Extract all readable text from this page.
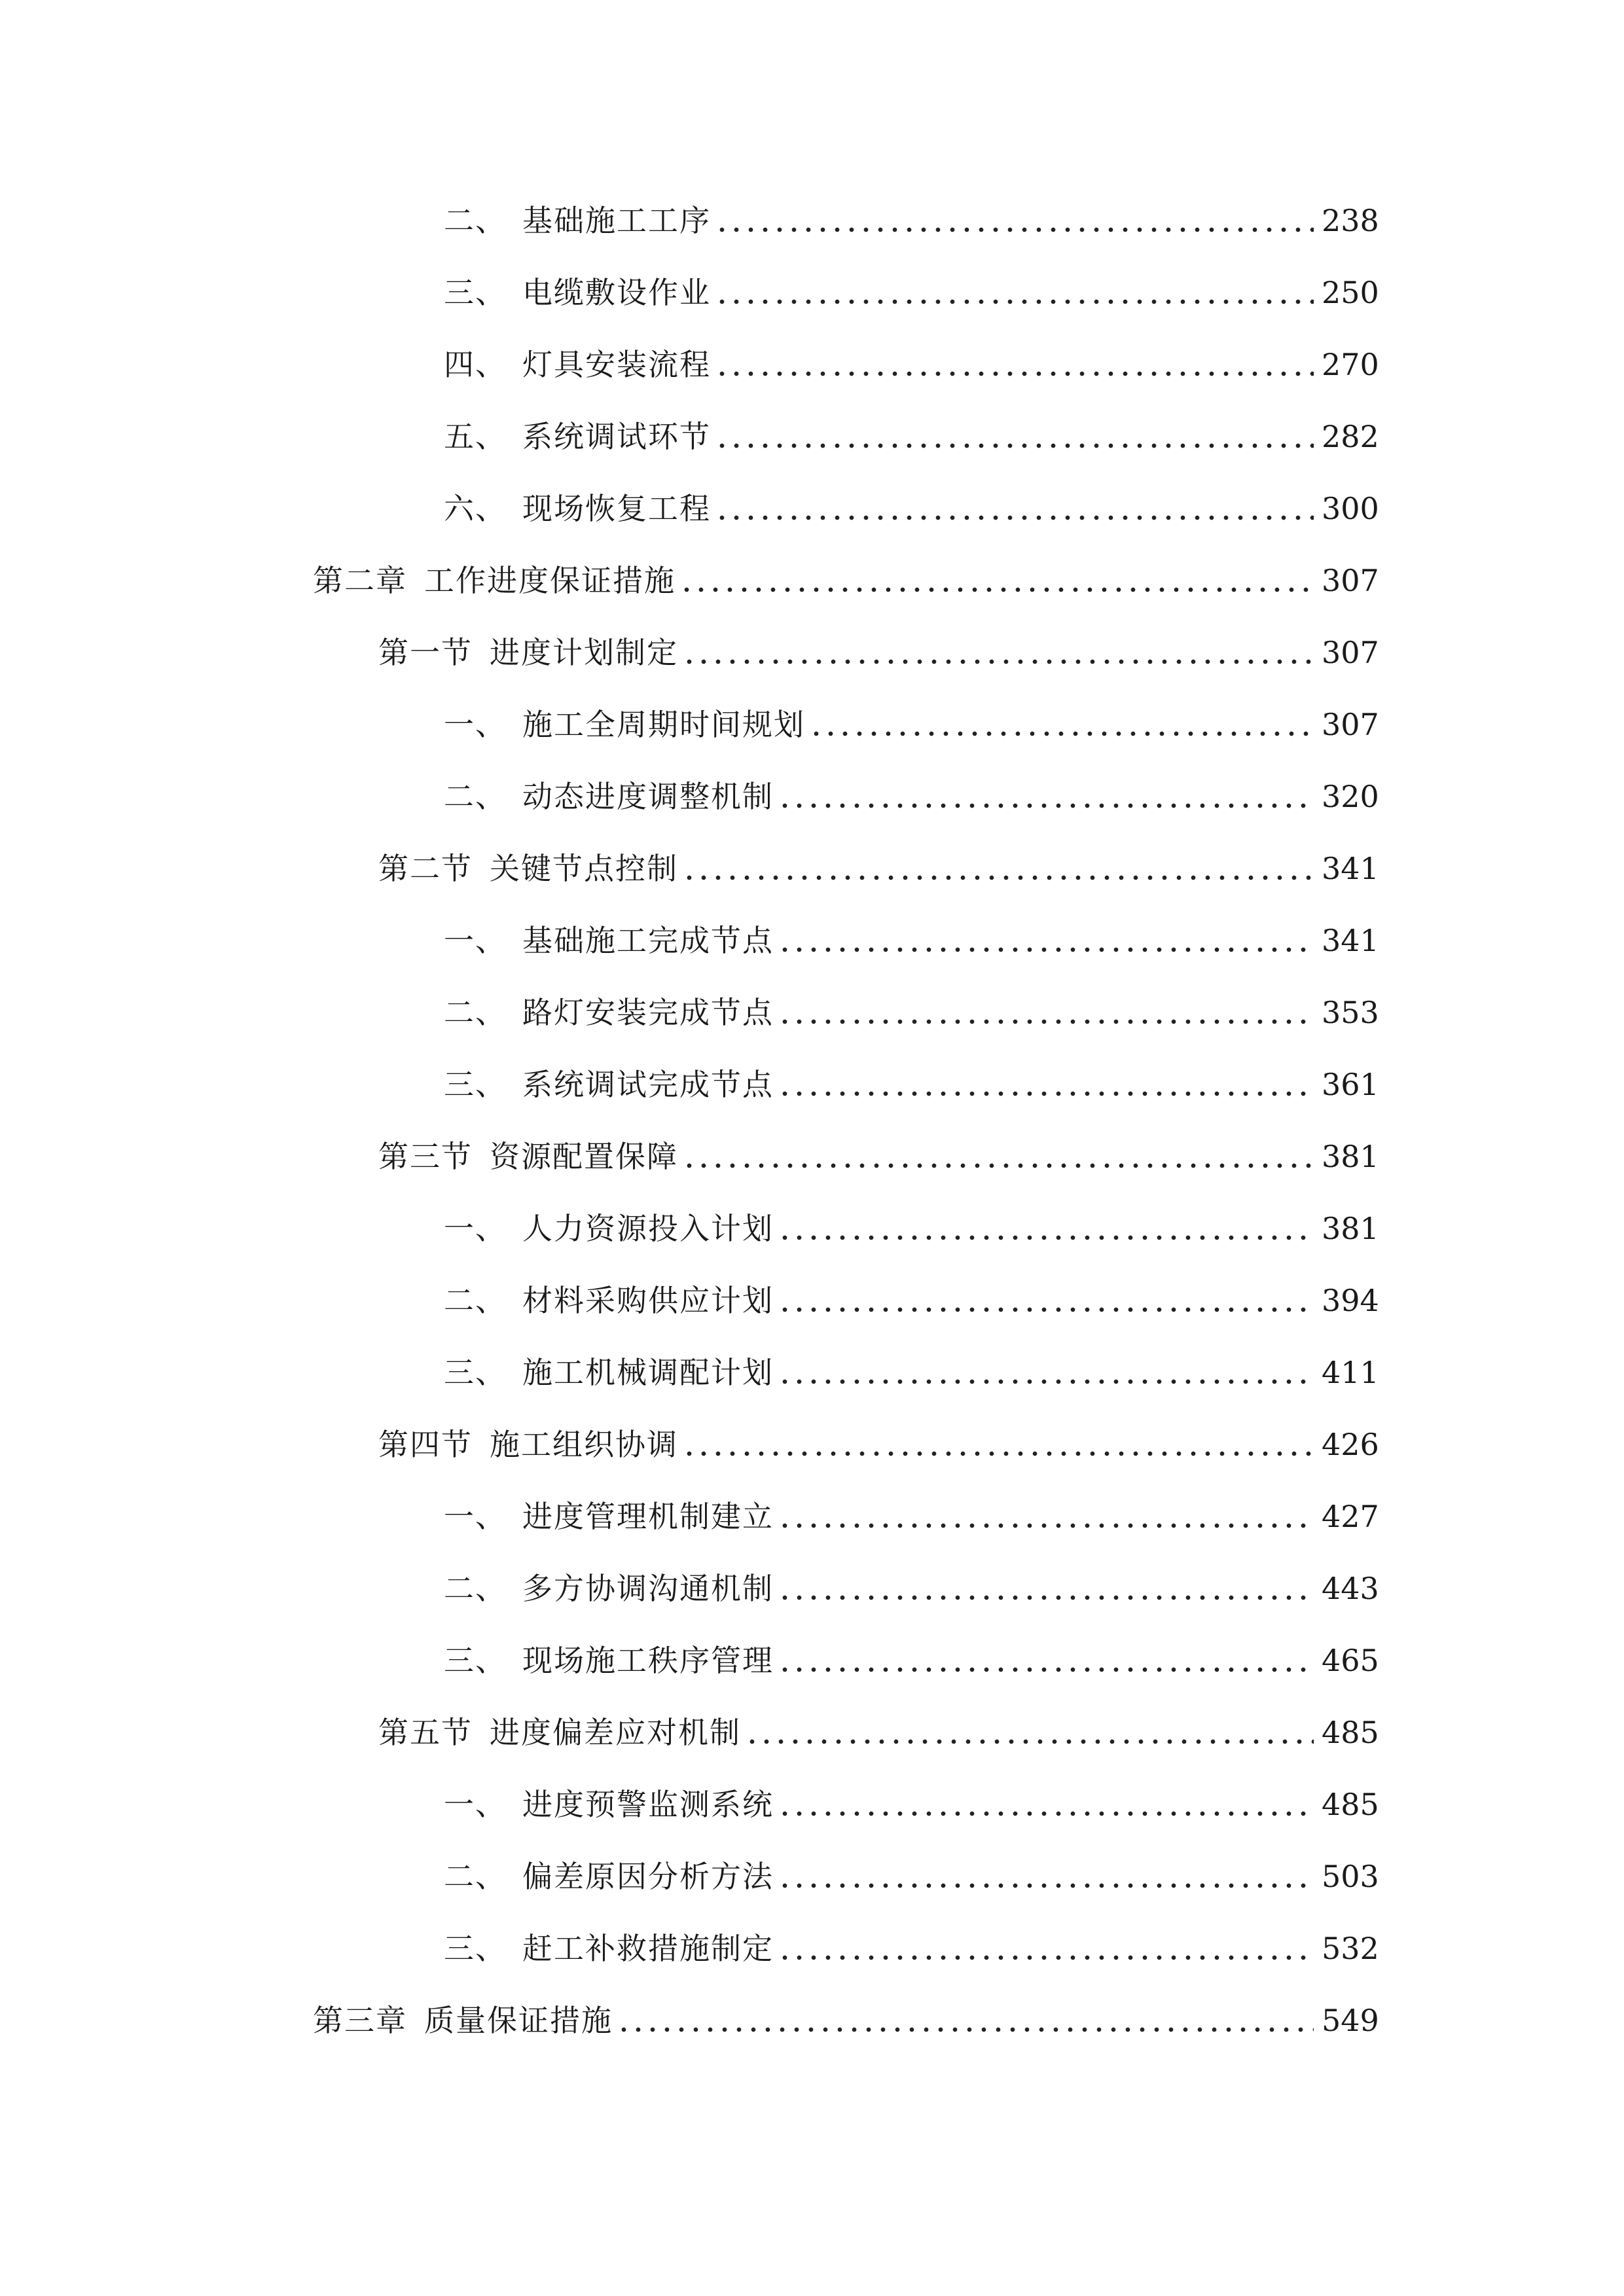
二、 基础施工工序	238
三、 电缆敷设作业	250
四、 灯具安装流程	270
五、 系统调试环节	282
六、 现场恢复工程	300
第二章 工作进度保证措施	307
第一节 进度计划制定	307
一、 施工全周期时间规划	307
二、 动态进度调整机制	320
第二节 关键节点控制	341
一、 基础施工完成节点	341
二、 路灯安装完成节点	353
三、 系统调试完成节点	361
第三节 资源配置保障	381
一、 人力资源投入计划	381
二、 材料采购供应计划	394
三、 施工机械调配计划	411
第四节 施工组织协调	426
一、 进度管理机制建立	427
二、 多方协调沟通机制	443
三、 现场施工秩序管理	465
第五节 进度偏差应对机制	485
一、 进度预警监测系统	485
二、 偏差原因分析方法	503
三、 赶工补救措施制定	532
第三章 质量保证措施	549
